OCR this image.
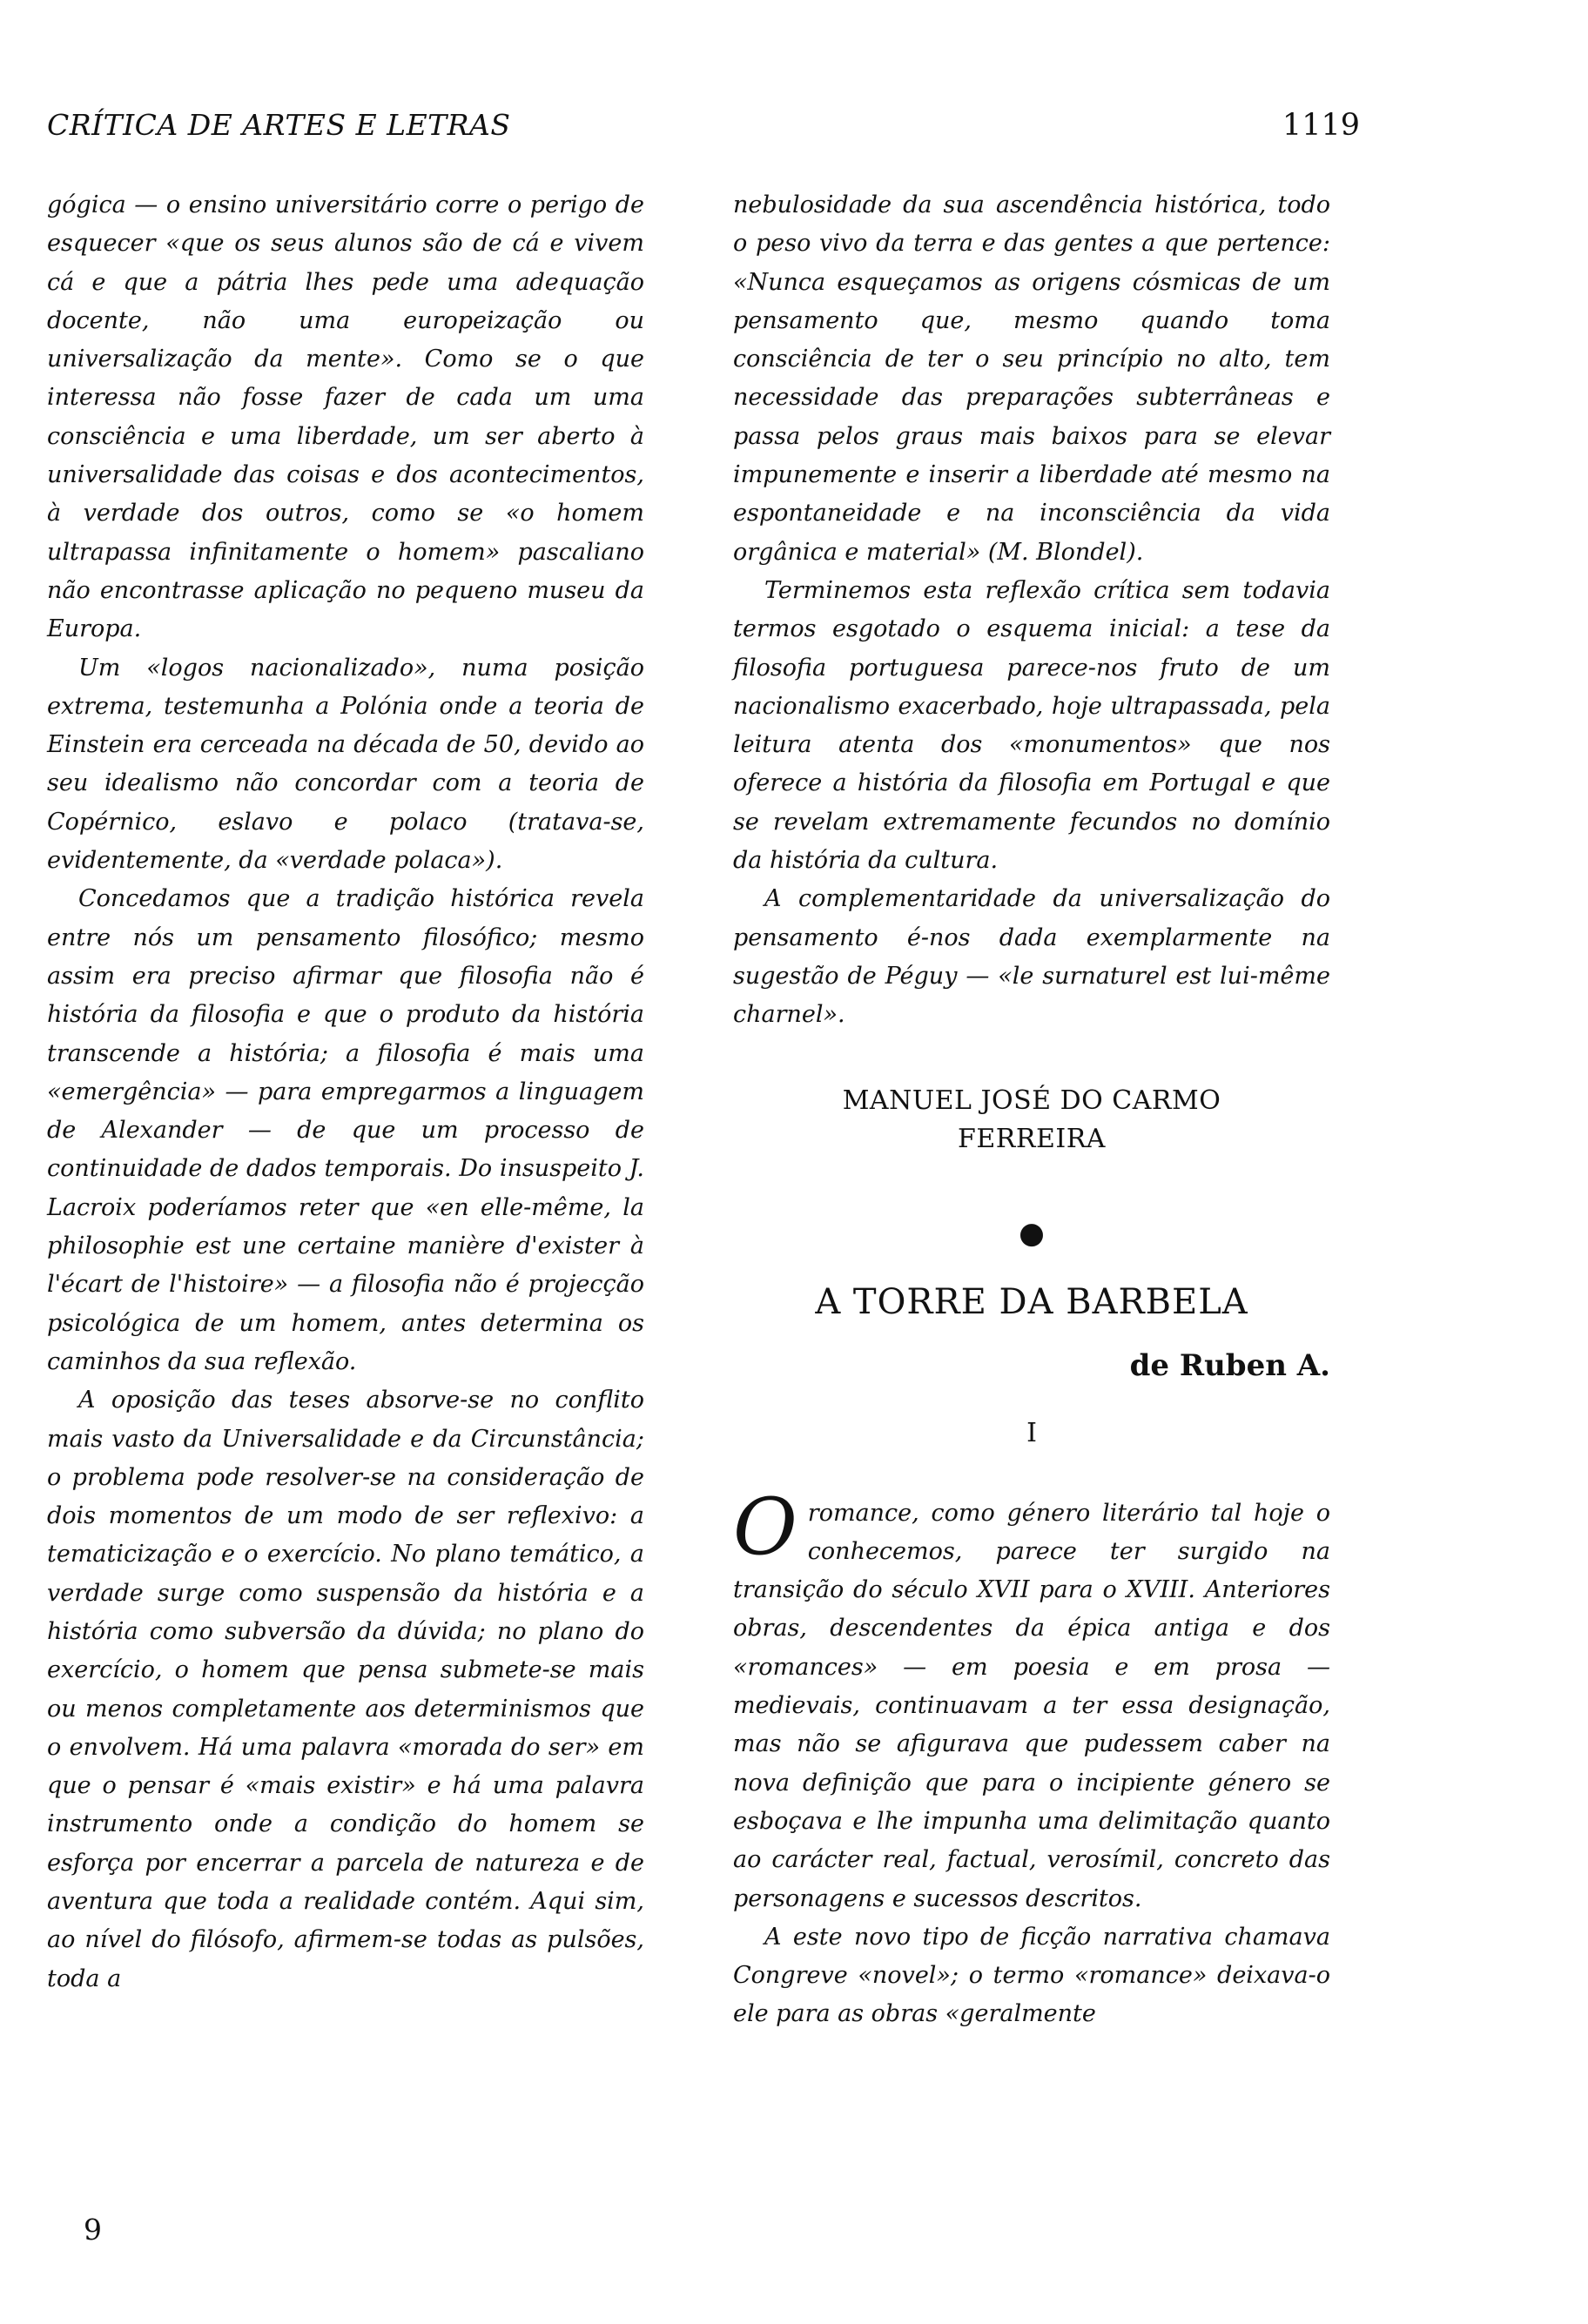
CRÍTICA DE ARTES E LETRAS	1119

gógica — o ensino universitário corre o perigo de esquecer «que os seus alunos são de cá e vivem cá e que a pátria lhes pede uma adequação docente, não uma europeização ou universalização da mente». Como se o que interessa não fosse fazer de cada um uma consciência e uma liberdade, um ser aberto à universalidade das coisas e dos acontecimentos, à verdade dos outros, como se «o homem ultrapassa infinitamente o homem» pascaliano não encontrasse aplicação no pequeno museu da Europa.

Um «logos nacionalizado», numa posição extrema, testemunha a Polónia onde a teoria de Einstein era cerceada na década de 50, devido ao seu idealismo não concordar com a teoria de Copérnico, eslavo e polaco (tratava-se, evidentemente, da «verdade polaca»).

Concedamos que a tradição histórica revela entre nós um pensamento filosófico; mesmo assim era preciso afirmar que filosofia não é história da filosofia e que o produto da história transcende a história; a filosofia é mais uma «emergência» — para empregarmos a linguagem de Alexander — de que um processo de continuidade de dados temporais. Do insuspeito J. Lacroix poderíamos reter que «en elle-même, la philosophie est une certaine manière d'exister à l'écart de l'histoire» — a filosofia não é projecção psicológica de um homem, antes determina os caminhos da sua reflexão.

A oposição das teses absorve-se no conflito mais vasto da Universalidade e da Circunstância; o problema pode resolver-se na consideração de dois momentos de um modo de ser reflexivo: a tematicização e o exercício. No plano temático, a verdade surge como suspensão da história e a história como subversão da dúvida; no plano do exercício, o homem que pensa submete-se mais ou menos completamente aos determinismos que o envolvem. Há uma palavra «morada do ser» em que o pensar é «mais existir» e há uma palavra instrumento onde a condição do homem se esforça por encerrar a parcela de natureza e de aventura que toda a realidade contém. Aqui sim, ao nível do filósofo, afirmem-se todas as pulsões, toda a

nebulosidade da sua ascendência histórica, todo o peso vivo da terra e das gentes a que pertence: «Nunca esqueçamos as origens cósmicas de um pensamento que, mesmo quando toma consciência de ter o seu princípio no alto, tem necessidade das preparações subterrâneas e passa pelos graus mais baixos para se elevar impunemente e inserir a liberdade até mesmo na espontaneidade e na inconsciência da vida orgânica e material» (M. Blondel).

Terminemos esta reflexão crítica sem todavia termos esgotado o esquema inicial: a tese da filosofia portuguesa parece-nos fruto de um nacionalismo exacerbado, hoje ultrapassada, pela leitura atenta dos «monumentos» que nos oferece a história da filosofia em Portugal e que se revelam extremamente fecundos no domínio da história da cultura.

A complementaridade da universalização do pensamento é-nos dada exemplarmente na sugestão de Péguy — «le surnaturel est lui-même charnel».

MANUEL JOSÉ DO CARMO
FERREIRA
●
A TORRE DA BARBELA
de Ruben A.
I

Oromance, como género literário tal hoje o conhecemos, parece ter surgido na transição do século XVII para o XVIII. Anteriores obras, descendentes da épica antiga e dos «romances» — em poesia e em prosa — medievais, continuavam a ter essa designação, mas não se afigurava que pudessem caber na nova definição que para o incipiente género se esboçava e lhe impunha uma delimitação quanto ao carácter real, factual, verosímil, concreto das personagens e sucessos descritos.

A este novo tipo de ficção narrativa chamava Congreve «novel»; o termo «romance» deixava-o ele para as obras «geralmente

9
